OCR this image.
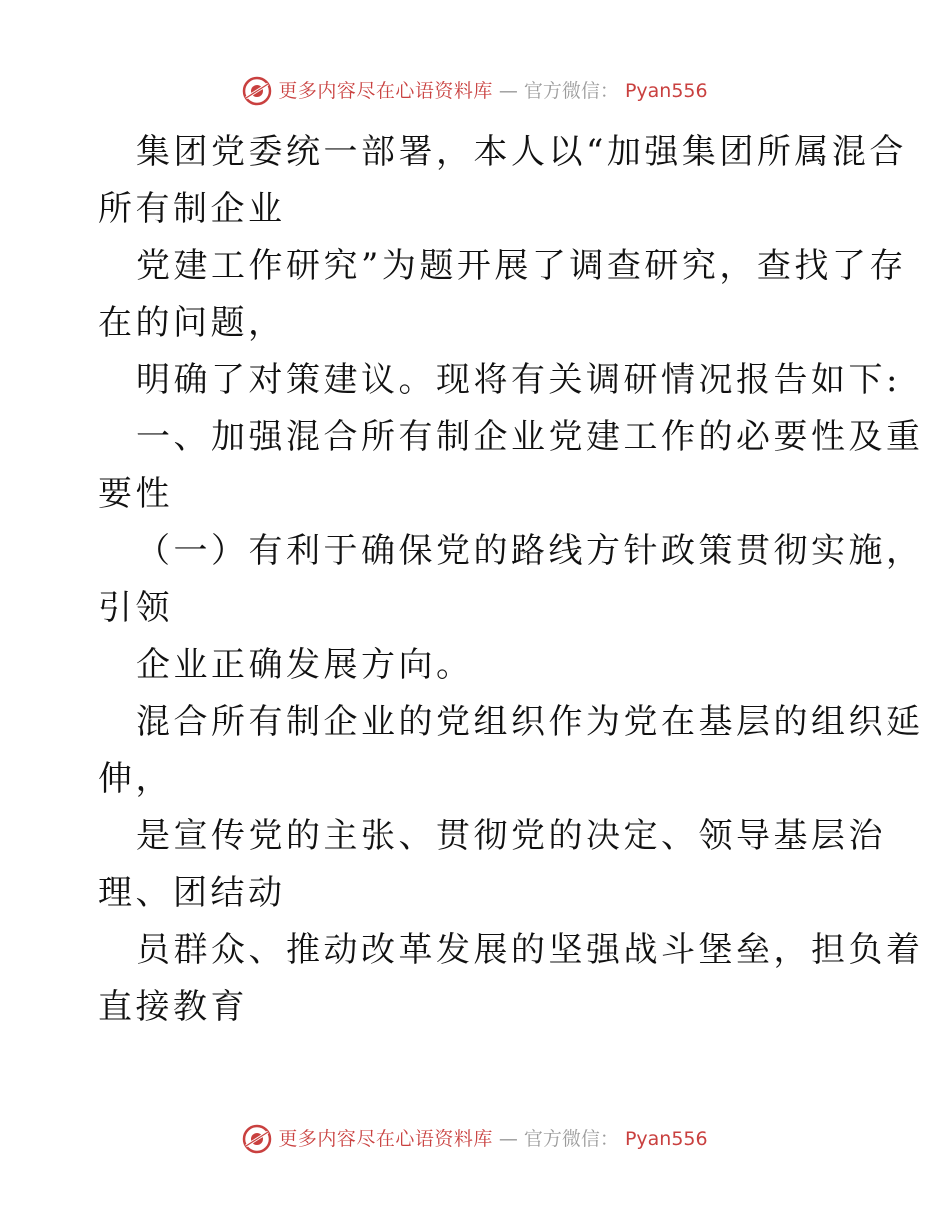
更多内容尽在心语资料库 — 官方微信： Pyan556

集团党委统一部署，本人以“加强集团所属混合

所有制企业

党建工作研究”为题开展了调查研究，查找了存

在的问题，

明确了对策建议。现将有关调研情况报告如下:

一、加强混合所有制企业党建工作的必要性及重

要性

（一）有利于确保党的路线方针政策贯彻实施，

引领

企业正确发展方向。

混合所有制企业的党组织作为党在基层的组织延

伸，

是宣传党的主张、贯彻党的决定、领导基层治

理、团结动

员群众、推动改革发展的坚强战斗堡垒，担负着

直接教育

更多内容尽在心语资料库 — 官方微信： Pyan556
